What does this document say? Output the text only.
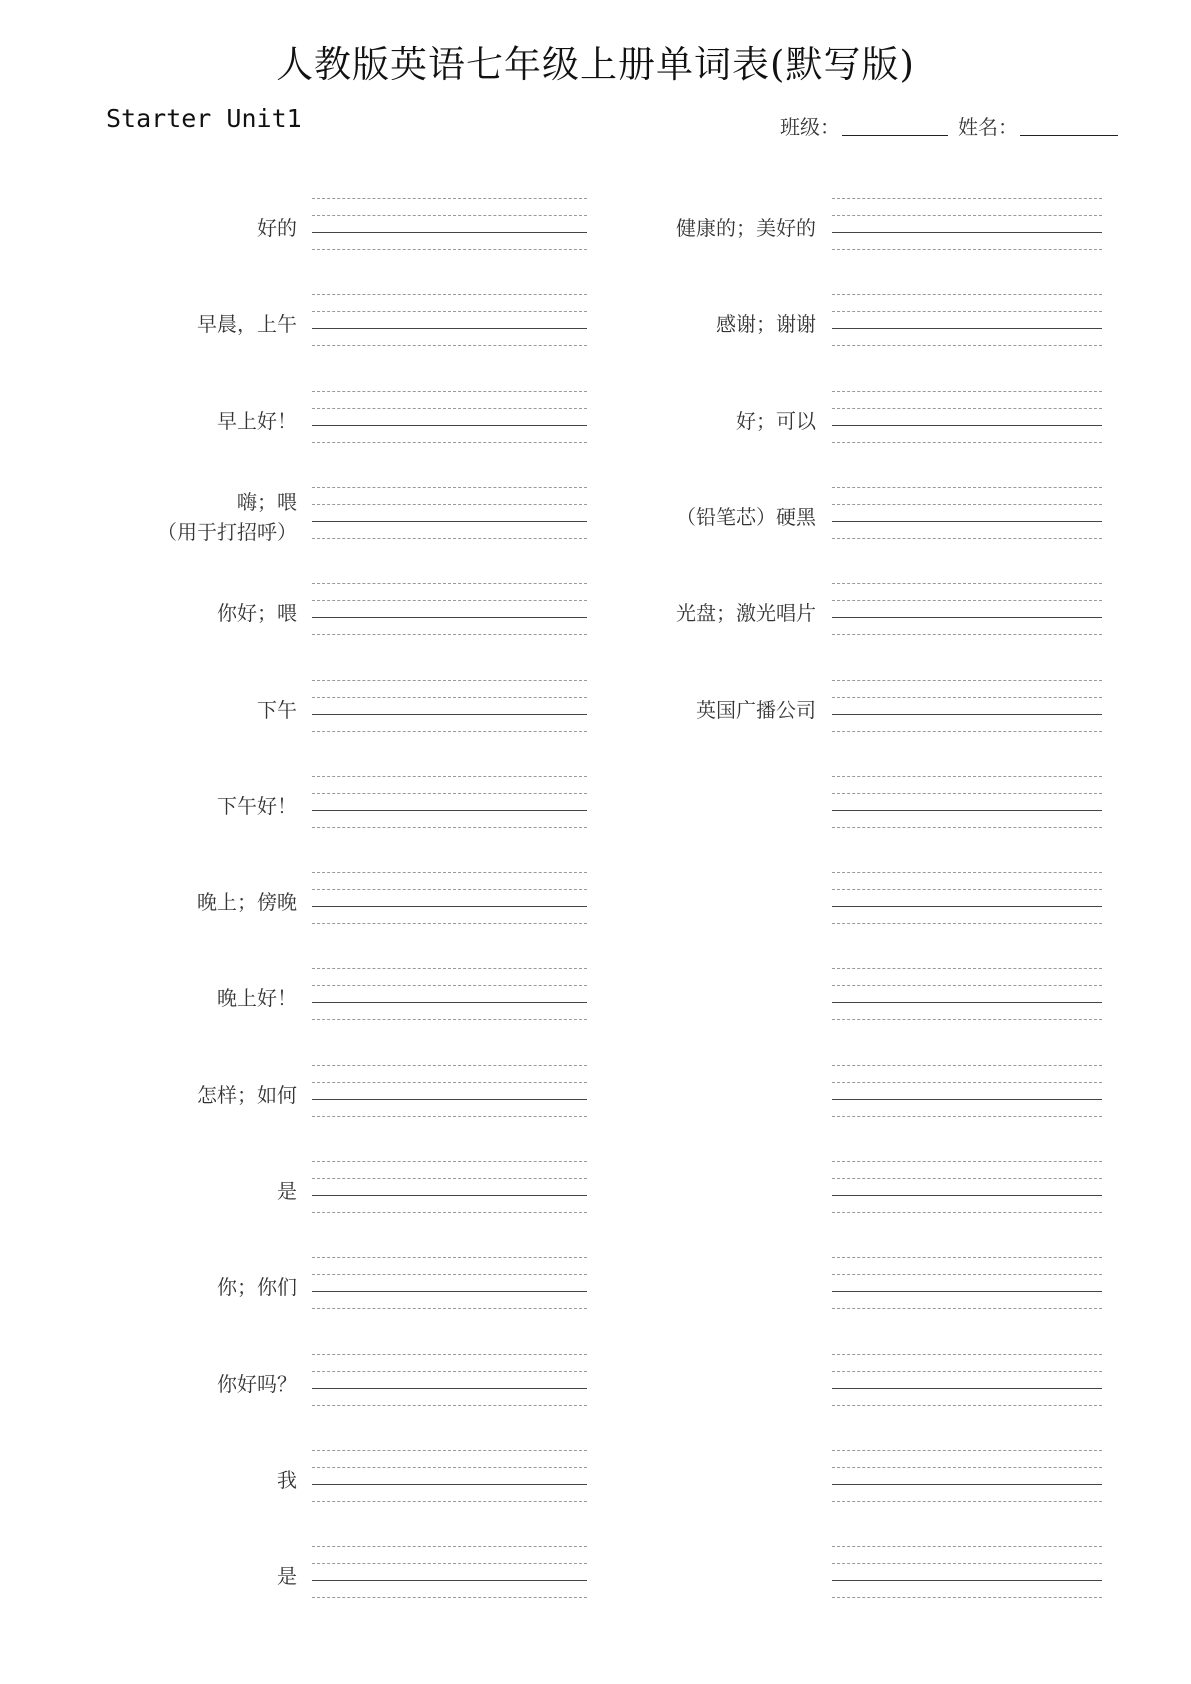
人教版英语七年级上册单词表(默写版)
Starter Unit1	班级：	姓名：
好的
早晨，上午
早上好！
嗨；喂
（用于打招呼）
你好；喂
下午
下午好！
晚上；傍晚
晚上好！
怎样；如何
是
你；你们
你好吗？
我
是
健康的；美好的
感谢；谢谢
好；可以
（铅笔芯）硬黑
光盘；激光唱片
英国广播公司
